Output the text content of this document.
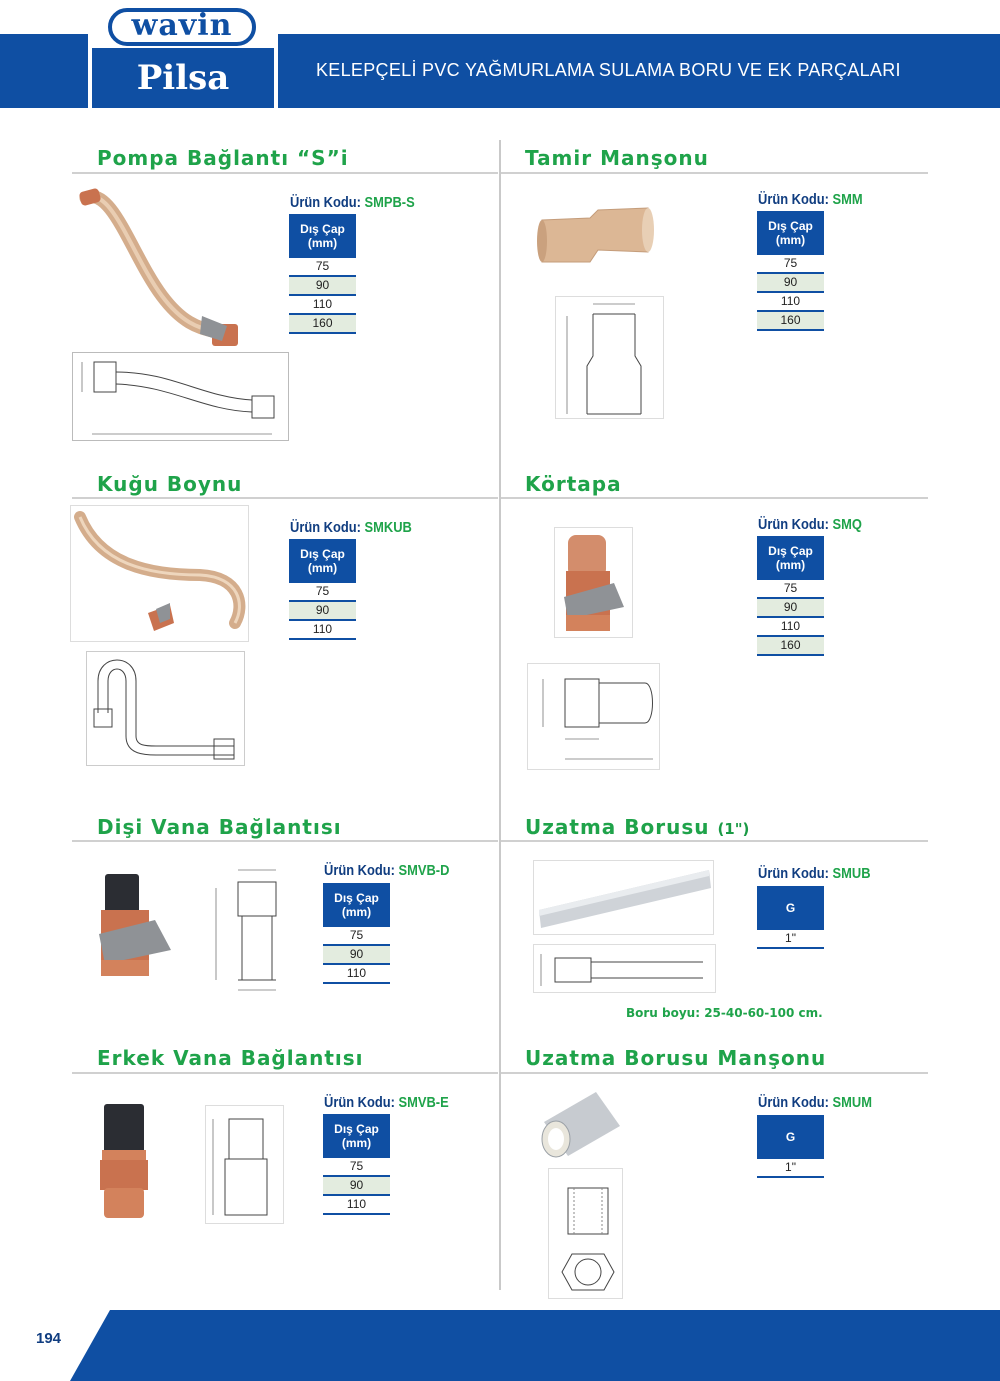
wavin
Pilsa	KELEPÇELİ PVC YAĞMURLAMA SULAMA BORU VE EK PARÇALARI
Pompa Bağlantı “S”i	Tamir Manşonu
Ürün Kodu: SMPB-S
Dış Çap
(mm)
75
90
110
160
Ürün Kodu: SMM
Dış Çap
(mm)
75
90
110
160
Kuğu Boynu	Körtapa
Ürün Kodu: SMKUB
Dış Çap
(mm)
75
90
110
Ürün Kodu: SMQ
Dış Çap
(mm)
75
90
110
160
Dişi Vana Bağlantısı	Uzatma Borusu (1")
Ürün Kodu: SMVB-D
Dış Çap
(mm)
75
90
110
Ürün Kodu: SMUB
G
1"
Boru boyu: 25-40-60-100 cm.
Erkek Vana Bağlantısı	Uzatma Borusu Manşonu
Ürün Kodu: SMVB-E
Dış Çap
(mm)
75
90
110
Ürün Kodu: SMUM
G
1"
194
